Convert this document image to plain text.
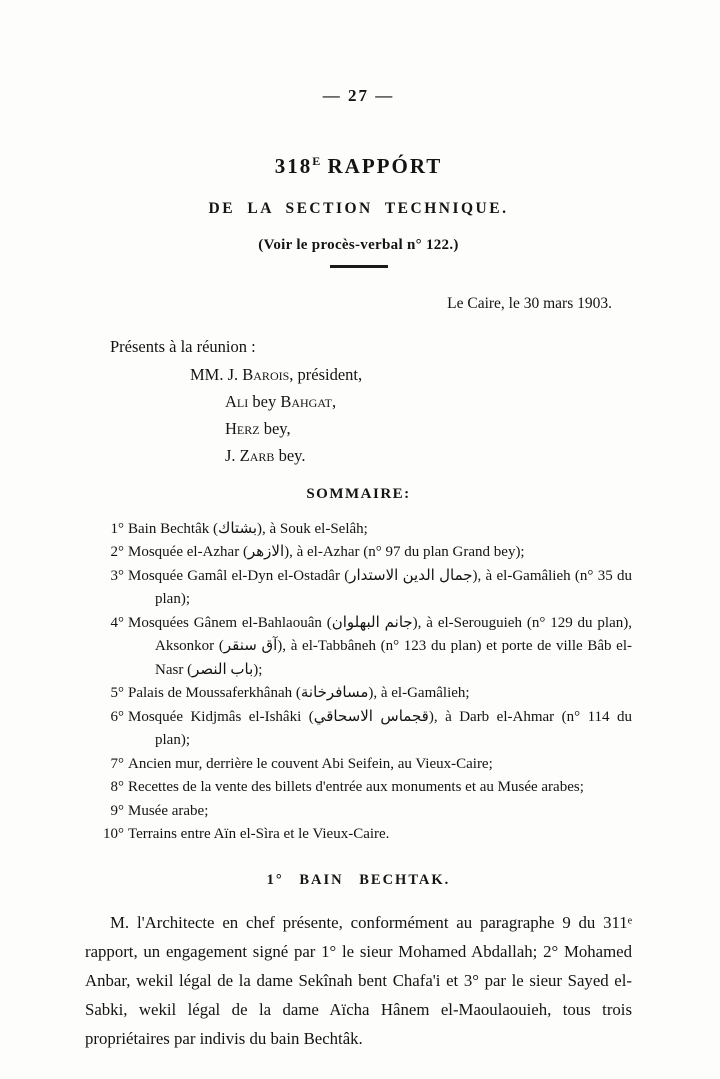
— 27 —
$318^E$ RAPPÓRT
DE LA SECTION TECHNIQUE.
(Voir le procès-verbal n° 122.)
Le Caire, le 30 mars 1903.
Présents à la réunion :
MM. J. Barois, président,
Ali bey Bahgat,
Herz bey,
J. Zarb bey.
SOMMAIRE:
1° Bain Bechtâk (بشتاك), à Souk el-Selâh;
2° Mosquée el-Azhar (الازهر), à el-Azhar (n° 97 du plan Grand bey);
3° Mosquée Gamâl el-Dyn el-Ostadâr (جمال الدين الاستدار), à el-Gamâlieh (n° 35 du plan);
4° Mosquées Gânem el-Bahlaouân (جانم البهلوان), à el-Serouguieh (n° 129 du plan), Aksonkor (آق سنقر), à el-Tabbâneh (n° 123 du plan) et porte de ville Bâb el-Nasr (باب النصر);
5° Palais de Moussaferkhânah (مسافرخانة), à el-Gamâlieh;
6° Mosquée Kidjmâs el-Ishâki (قجماس الاسحاقي), à Darb el-Ahmar (n° 114 du plan);
7° Ancien mur, derrière le couvent Abi Seifein, au Vieux-Caire;
8° Recettes de la vente des billets d'entrée aux monuments et au Musée arabes;
9° Musée arabe;
10° Terrains entre Aïn el-Sìra et le Vieux-Caire.
1° BAIN BECHTAK.

M. l'Architecte en chef présente, conformément au paragraphe 9 du 311ᵉ rapport, un engagement signé par 1° le sieur Mohamed Abdallah; 2° Mohamed Anbar, wekil légal de la dame Sekînah bent Chafa'i et 3° par le sieur Sayed el-Sabki, wekil légal de la dame Aïcha Hânem el-Maoulaouieh, tous trois propriétaires par indivis du bain Bechtâk.
